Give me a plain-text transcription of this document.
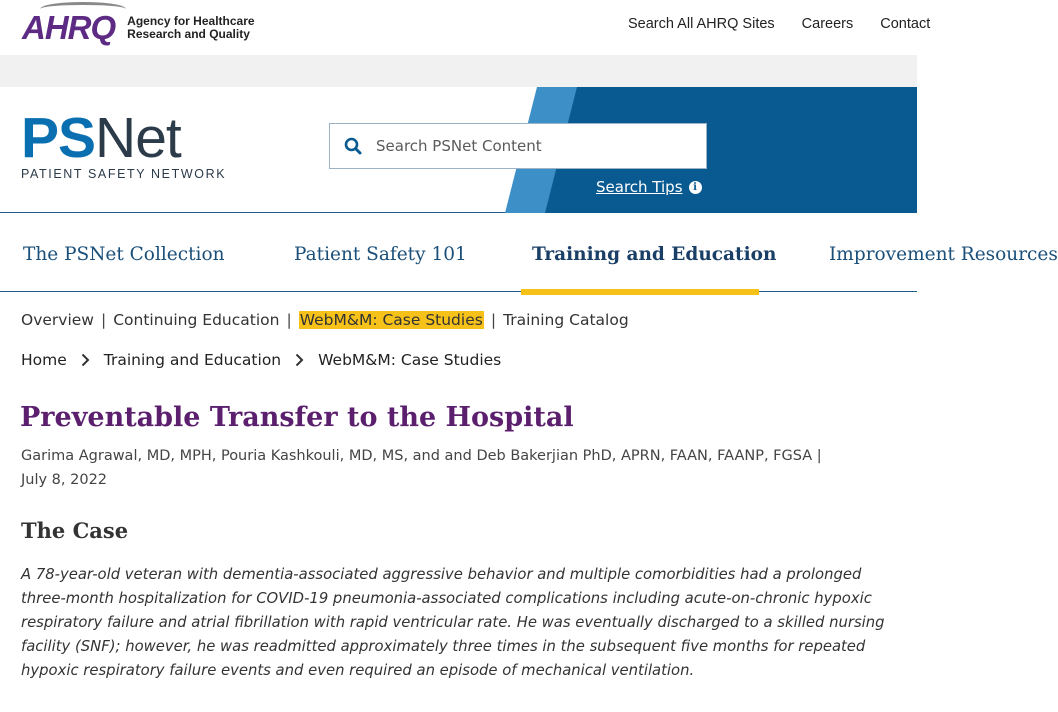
AHRQ Agency for Healthcare
Research and Quality
Search All AHRQ Sites Careers Contact
PSNet
PATIENT SAFETY NETWORK
Search PSNet Content
Search Tips	i
The PSNet Collection	Patient Safety 101	Training and Education	Improvement Resources
Overview | Continuing Education | WebM&M: Case Studies | Training Catalog
Home Training and Education WebM&M: Case Studies
Preventable Transfer to the Hospital
Garima Agrawal, MD, MPH, Pouria Kashkouli, MD, MS, and and Deb Bakerjian PhD, APRN, FAAN, FAANP, FGSA |
July 8, 2022
The Case

A 78-year-old veteran with dementia-associated aggressive behavior and multiple comorbidities had a prolonged three-month hospitalization for COVID-19 pneumonia-associated complications including acute-on-chronic hypoxic respiratory failure and atrial fibrillation with rapid ventricular rate. He was eventually discharged to a skilled nursing facility (SNF); however, he was readmitted approximately three times in the subsequent five months for repeated hypoxic respiratory failure events and even required an episode of mechanical ventilation.
